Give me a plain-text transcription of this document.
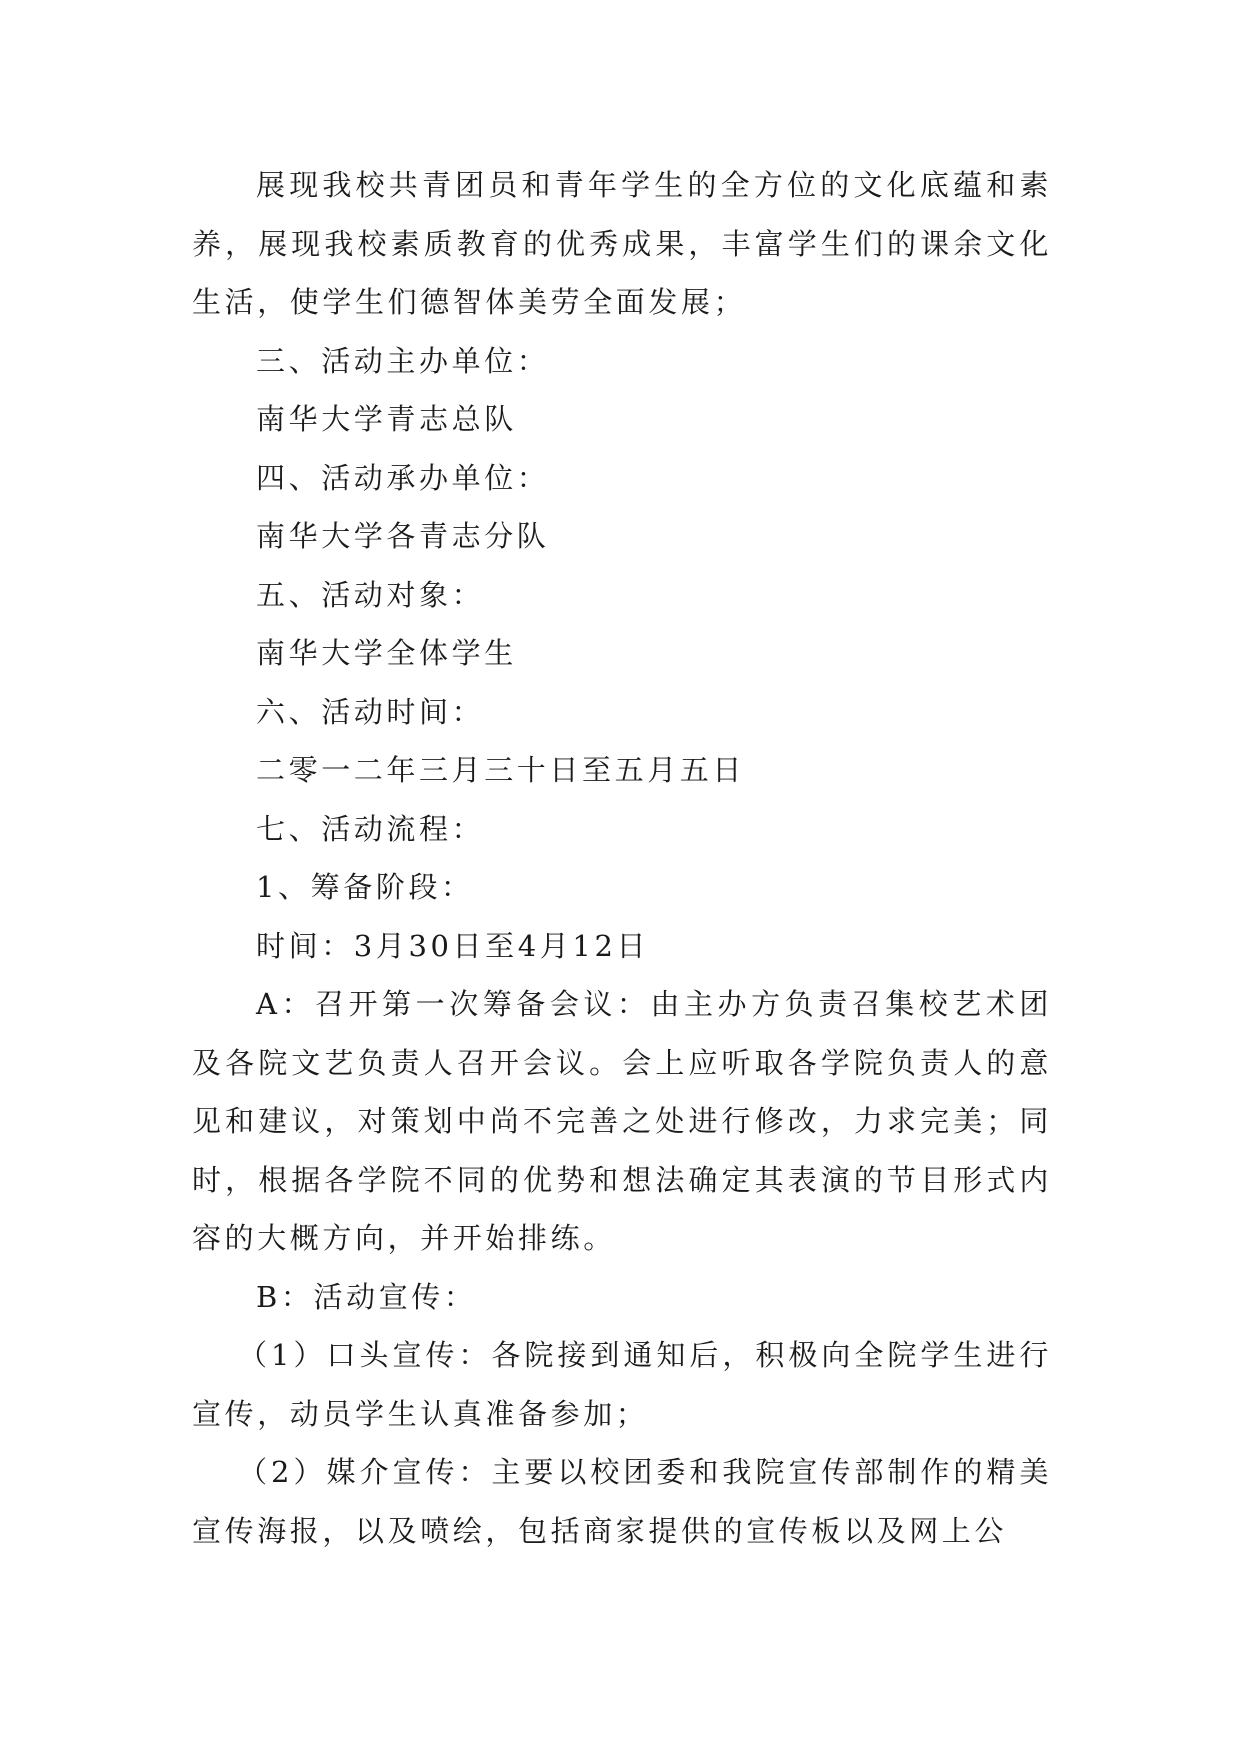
展现我校共青团员和青年学生的全方位的文化底蕴和素养，展现我校素质教育的优秀成果，丰富学生们的课余文化生活，使学生们德智体美劳全面发展；

三、活动主办单位：

南华大学青志总队

四、活动承办单位：

南华大学各青志分队

五、活动对象：

南华大学全体学生

六、活动时间：

二零一二年三月三十日至五月五日

七、活动流程：

1、筹备阶段：

时间：3月30日至4月12日

A：召开第一次筹备会议：由主办方负责召集校艺术团及各院文艺负责人召开会议。会上应听取各学院负责人的意见和建议，对策划中尚不完善之处进行修改，力求完美；同时，根据各学院不同的优势和想法确定其表演的节目形式内容的大概方向，并开始排练。

B：活动宣传：

（1）口头宣传：各院接到通知后，积极向全院学生进行宣传，动员学生认真准备参加；

（2）媒介宣传：主要以校团委和我院宣传部制作的精美宣传海报，以及喷绘，包括商家提供的宣传板以及网上公
